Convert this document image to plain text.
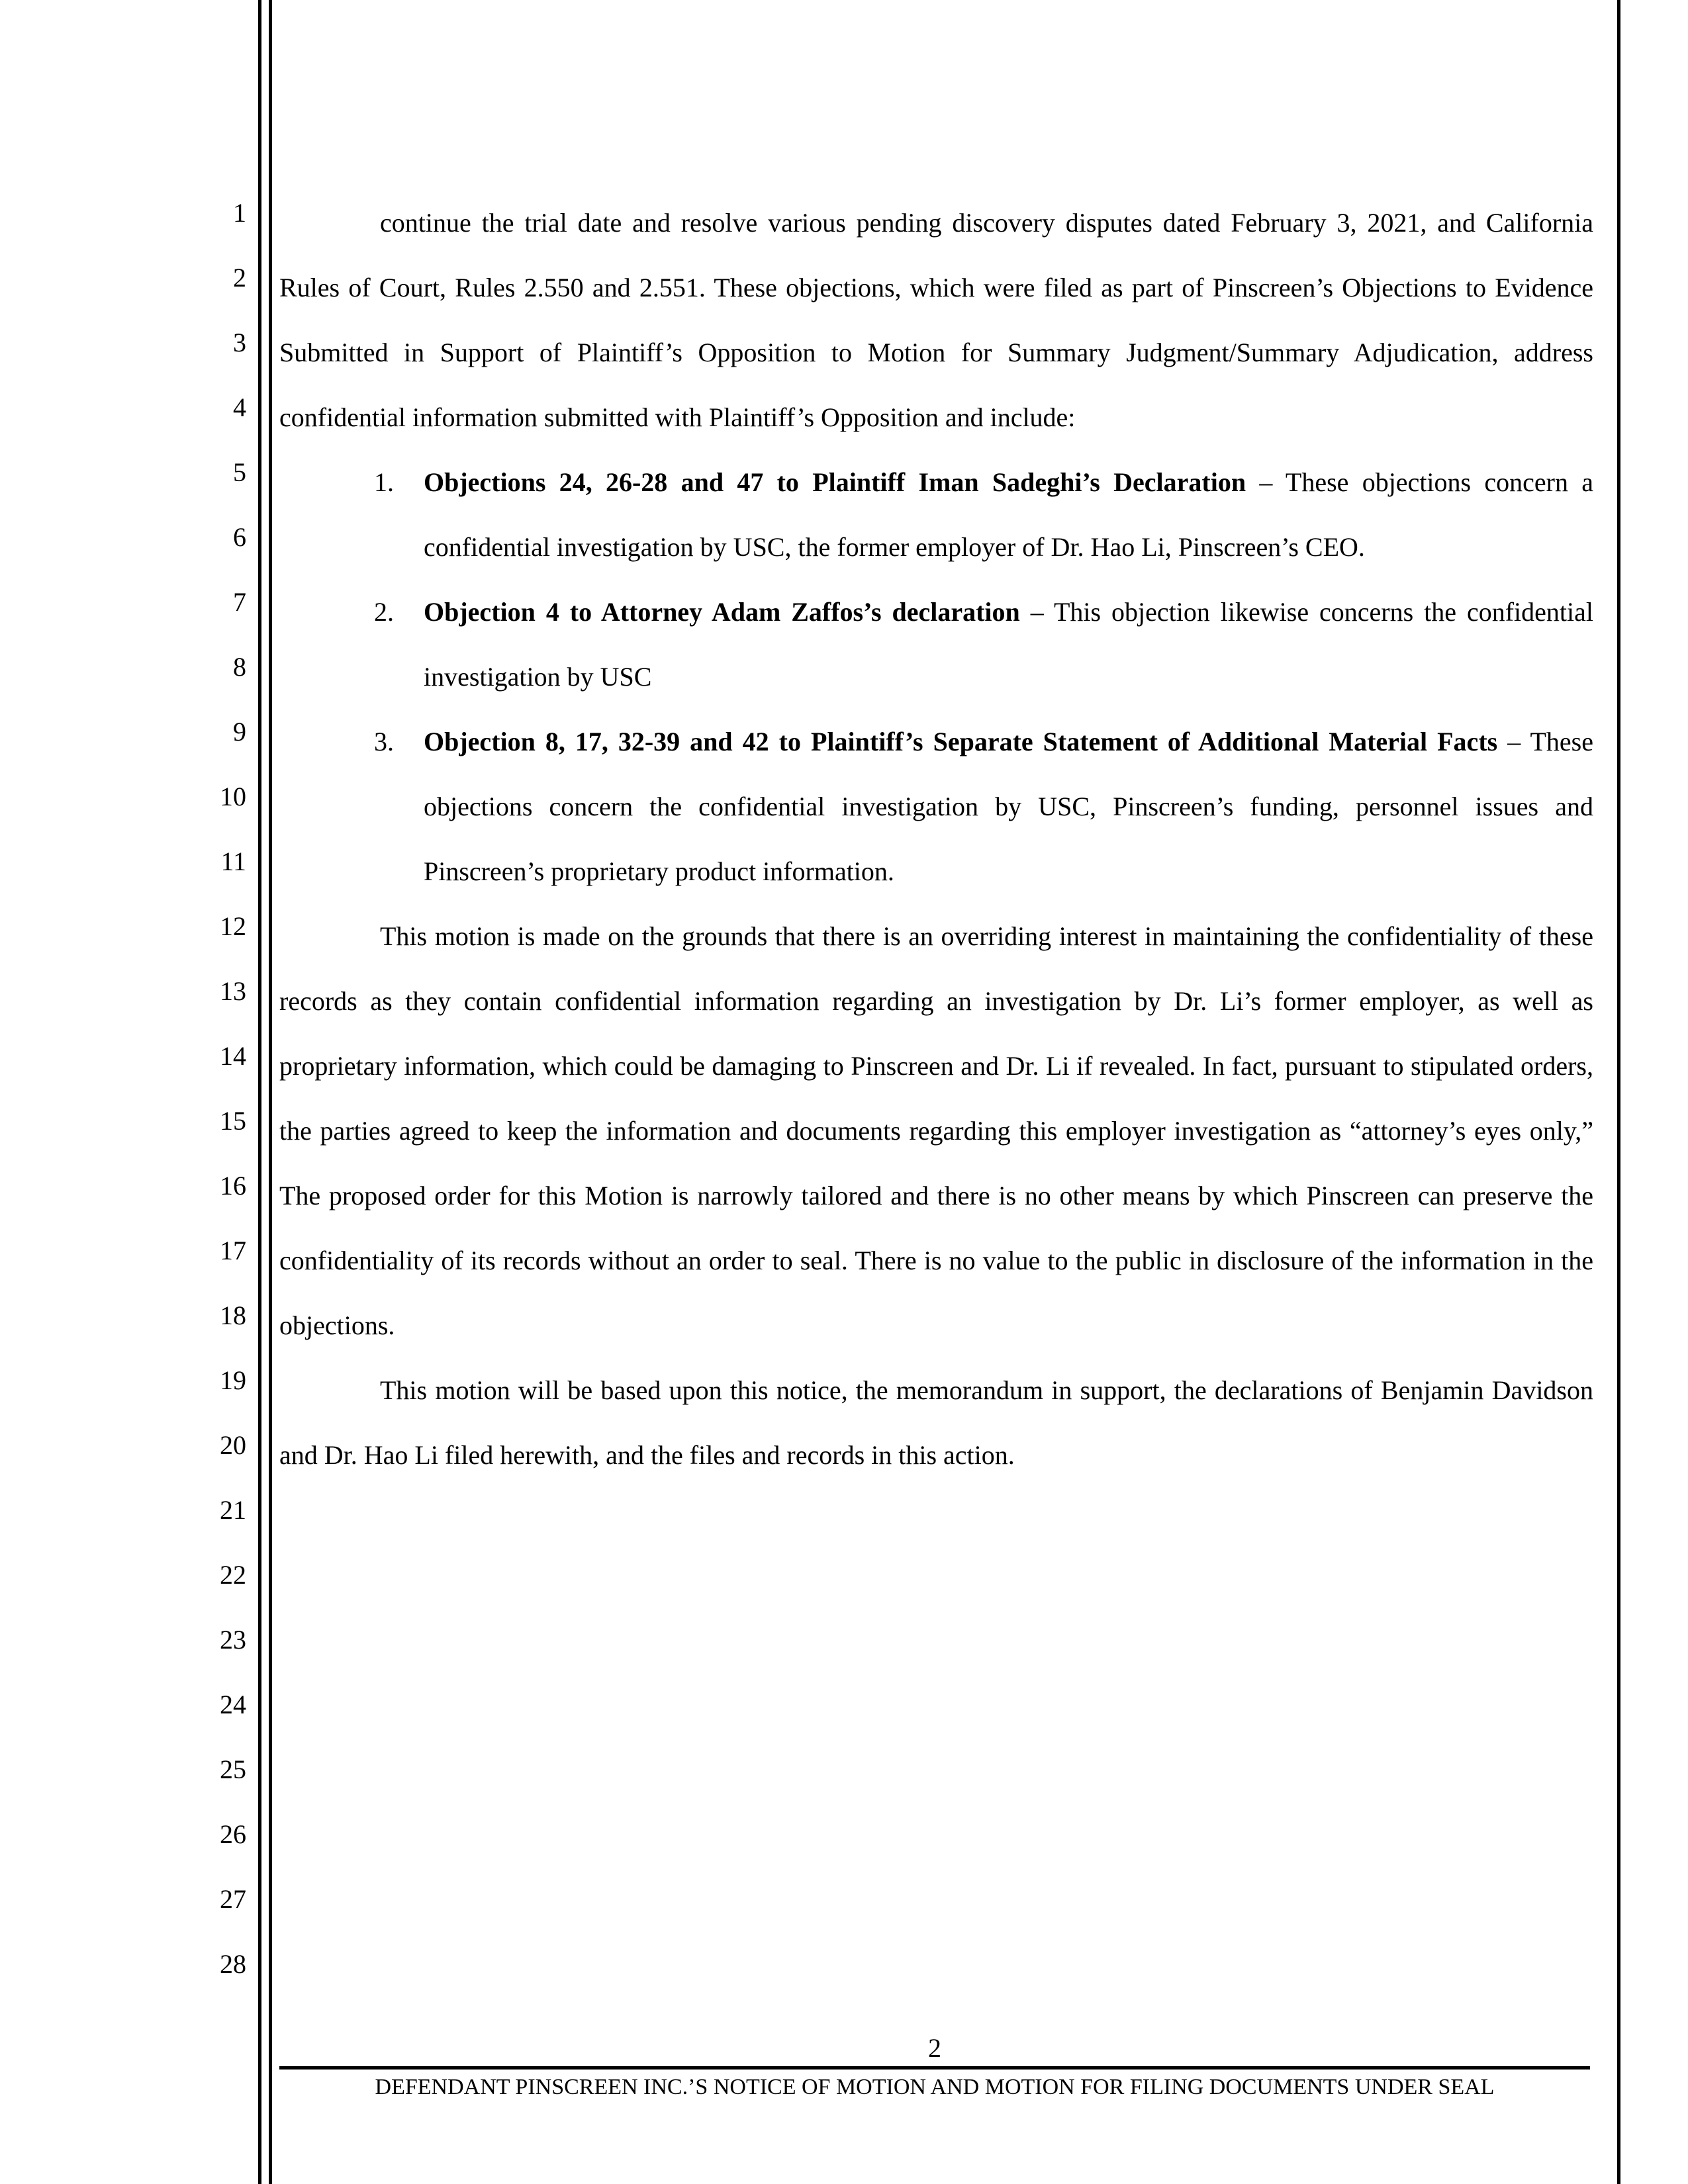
1
2
3
4
5
6
7
8
9
10
11
12
13
14
15
16
17
18
19
20
21
22
23
24
25
26
27
28

continue the trial date and resolve various pending discovery disputes dated February 3, 2021, and California Rules of Court, Rules 2.550 and 2.551. These objections, which were filed as part of Pinscreen’s Objections to Evidence Submitted in Support of Plaintiff’s Opposition to Motion for Summary Judgment/Summary Adjudication, address confidential information submitted with Plaintiff’s Opposition and include:

1.	Objections 24, 26-28 and 47 to Plaintiff Iman Sadeghi’s Declaration – These objections concern a confidential investigation by USC, the former employer of Dr. Hao Li, Pinscreen’s CEO.
2.	Objection 4 to Attorney Adam Zaffos’s declaration – This objection likewise concerns the confidential investigation by USC
3.	Objection 8, 17, 32-39 and 42 to Plaintiff’s Separate Statement of Additional Material Facts – These objections concern the confidential investigation by USC, Pinscreen’s funding, personnel issues and Pinscreen’s proprietary product information.

This motion is made on the grounds that there is an overriding interest in maintaining the confidentiality of these records as they contain confidential information regarding an investigation by Dr. Li’s former employer, as well as proprietary information, which could be damaging to Pinscreen and Dr. Li if revealed. In fact, pursuant to stipulated orders, the parties agreed to keep the information and documents regarding this employer investigation as “attorney’s eyes only,” The proposed order for this Motion is narrowly tailored and there is no other means by which Pinscreen can preserve the confidentiality of its records without an order to seal. There is no value to the public in disclosure of the information in the objections.

This motion will be based upon this notice, the memorandum in support, the declarations of Benjamin Davidson and Dr. Hao Li filed herewith, and the files and records in this action.

2
DEFENDANT PINSCREEN INC.’S NOTICE OF MOTION AND MOTION FOR FILING DOCUMENTS UNDER SEAL
